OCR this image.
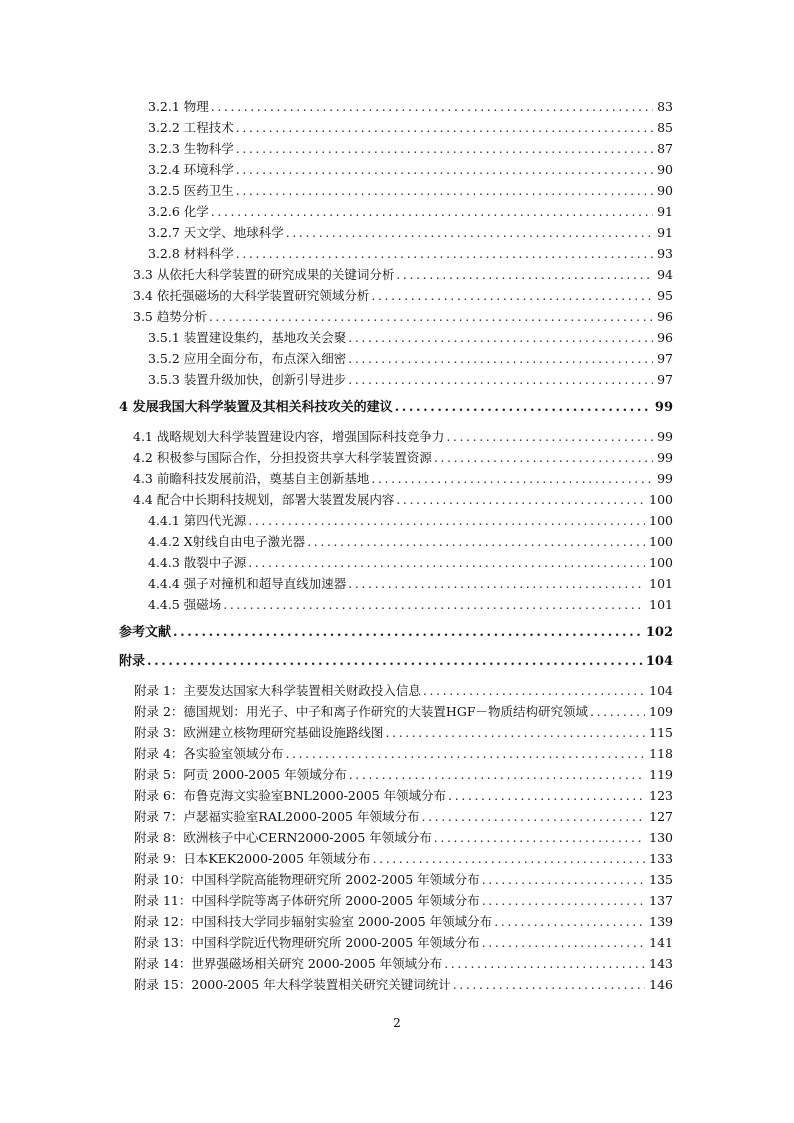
3.2.1 物理 .....	83
3.2.2 工程技术 .....	85
3.2.3 生物科学 .....	87
3.2.4 环境科学 .....	90
3.2.5 医药卫生 .....	90
3.2.6 化学 .....	91
3.2.7 天文学、地球科学 .....	91
3.2.8 材料科学 .....	93
3.3 从依托大科学装置的研究成果的关键词分析 .....	94
3.4 依托强磁场的大科学装置研究领域分析 .....	95
3.5 趋势分析 .....	96
3.5.1 装置建设集约，基地攻关会聚 .....	96
3.5.2 应用全面分布，布点深入细密 .....	97
3.5.3 装置升级加快，创新引导进步 .....	97
4 发展我国大科学装置及其相关科技攻关的建议 .....	99
4.1 战略规划大科学装置建设内容，增强国际科技竞争力 .....	99
4.2 积极参与国际合作，分担投资共享大科学装置资源 .....	99
4.3 前瞻科技发展前沿，奠基自主创新基地 .....	99
4.4 配合中长期科技规划，部署大装置发展内容 .....	100
4.4.1 第四代光源 .....	100
4.4.2 X射线自由电子激光器 .....	100
4.4.3 散裂中子源 .....	100
4.4.4 强子对撞机和超导直线加速器 .....	101
4.4.5 强磁场 .....	101
参考文献 .....	102
附录 .....	104
附录 1：主要发达国家大科学装置相关财政投入信息 .....	104
附录 2：德国规划：用光子、中子和离子作研究的大装置HGF－物质结构研究领域 .....	109
附录 3：欧洲建立核物理研究基础设施路线图 .....	115
附录 4：各实验室领域分布 .....	118
附录 5：阿贡 2000-2005 年领域分布 .....	119
附录 6：布鲁克海文实验室BNL2000-2005 年领域分布 .....	123
附录 7：卢瑟福实验室RAL2000-2005 年领域分布 .....	127
附录 8：欧洲核子中心CERN2000-2005 年领域分布 .....	130
附录 9：日本KEK2000-2005 年领域分布 .....	133
附录 10：中国科学院高能物理研究所 2002-2005 年领域分布 .....	135
附录 11：中国科学院等离子体研究所 2000-2005 年领域分布 .....	137
附录 12：中国科技大学同步辐射实验室 2000-2005 年领域分布 .....	139
附录 13：中国科学院近代物理研究所 2000-2005 年领域分布 .....	141
附录 14：世界强磁场相关研究 2000-2005 年领域分布 .....	143
附录 15：2000-2005 年大科学装置相关研究关键词统计 .....	146
2
